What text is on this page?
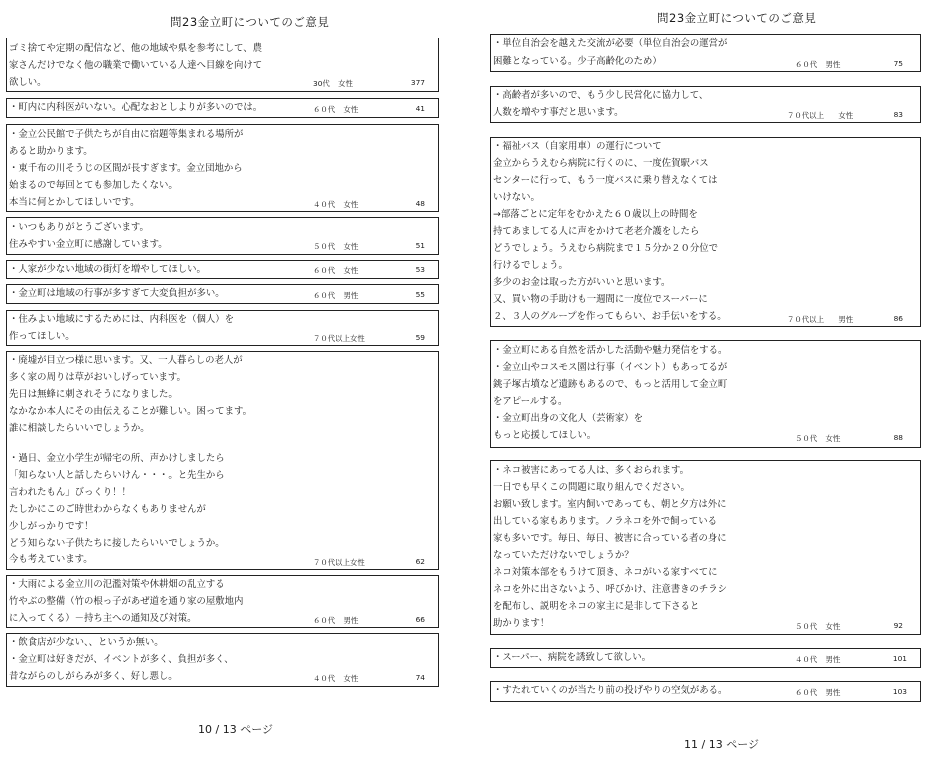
問23金立町についてのご意見
ゴミ捨てや定期の配信など、他の地域や県を参考にして、農
家さんだけでなく他の職業で働いている人達へ目線を向けて
欲しい。	30代 女性	377
・町内に内科医がいない。心配なおとしよりが多いのでは。	６０代 女性	41
・金立公民館で子供たちが自由に宿題等集まれる場所が
あると助かります。
・東千布の川そうじの区間が長すぎます。金立団地から
始まるので毎回とても参加したくない。
本当に何とかしてほしいです。	４０代 女性	48
・いつもありがとうございます。
住みやすい金立町に感謝しています。	５０代 女性	51
・人家が少ない地域の街灯を増やしてほしい。	６０代 女性	53
・金立町は地域の行事が多すぎて大変負担が多い。	６０代 男性	55
・住みよい地域にするためには、内科医を（個人）を
作ってほしい。	７０代以上女性	59
・廃墟が目立つ様に思います。又、一人暮らしの老人が
多く家の周りは草がおいしげっています。
先日は無蜂に刺されそうになりました。
なかなか本人にその由伝えることが難しい。困ってます。
誰に相談したらいいでしょうか。
・過日、金立小学生が帰宅の所、声かけしましたら
「知らない人と話したらいけん・・・。と先生から
言われたもん」びっくり！！
たしかにこのご時世わからなくもありませんが
少しがっかりです！
どう知らない子供たちに接したらいいでしょうか。
今も考えています。	７０代以上女性	62
・大雨による金立川の氾濫対策や休耕畑の乱立する
竹やぶの整備（竹の根っ子があぜ道を通り家の屋敷地内
に入ってくる）－持ち主への通知及び対策。	６０代 男性	66
・飲食店が少ない、、というか無い。
・金立町は好きだが、イベントが多く、負担が多く、
昔ながらのしがらみが多く、好し悪し。	４０代 女性	74
10 / 13 ページ
問23金立町についてのご意見
・単位自治会を越えた交流が必要（単位自治会の運営が
困難となっている。少子高齢化のため）	６０代 男性	75
・高齢者が多いので、もう少し民営化に協力して、
人数を増やす事だと思います。	７０代以上 女性	83
・福祉バス（自家用車）の運行について
金立からうえむら病院に行くのに、一度佐賀駅バス
センターに行って、もう一度バスに乗り替えなくては
いけない。
→部落ごとに定年をむかえた６０歳以上の時間を
持てあましてる人に声をかけて老老介護をしたら
どうでしょう。うえむら病院まで１５分か２０分位で
行けるでしょう。
多少のお金は取った方がいいと思います。
又、買い物の手助けも一週間に一度位でスーパーに
２、３人のグループを作ってもらい、お手伝いをする。	７０代以上 男性	86
・金立町にある自然を活かした活動や魅力発信をする。
・金立山やコスモス園は行事（イベント）もあってるが
銚子塚古墳など遺跡もあるので、もっと活用して金立町
をアピールする。
・金立町出身の文化人（芸術家）を
もっと応援してほしい。	５０代 女性	88
・ネコ被害にあってる人は、多くおられます。
一日でも早くこの問題に取り組んでください。
お願い致します。室内飼いであっても、朝と夕方は外に
出している家もあります。ノラネコを外で飼っている
家も多いです。毎日、毎日、被害に合っている者の身に
なっていただけないでしょうか？
ネコ対策本部をもうけて頂き、ネコがいる家すべてに
ネコを外に出さないよう、呼びかけ、注意書きのチラシ
を配布し、説明をネコの家主に是非して下さると
助かります！	５０代 女性	92
・スーパー、病院を誘致して欲しい。	４０代 男性	101
・すたれていくのが当たり前の投げやりの空気がある。	６０代 男性	103
11 / 13 ページ
